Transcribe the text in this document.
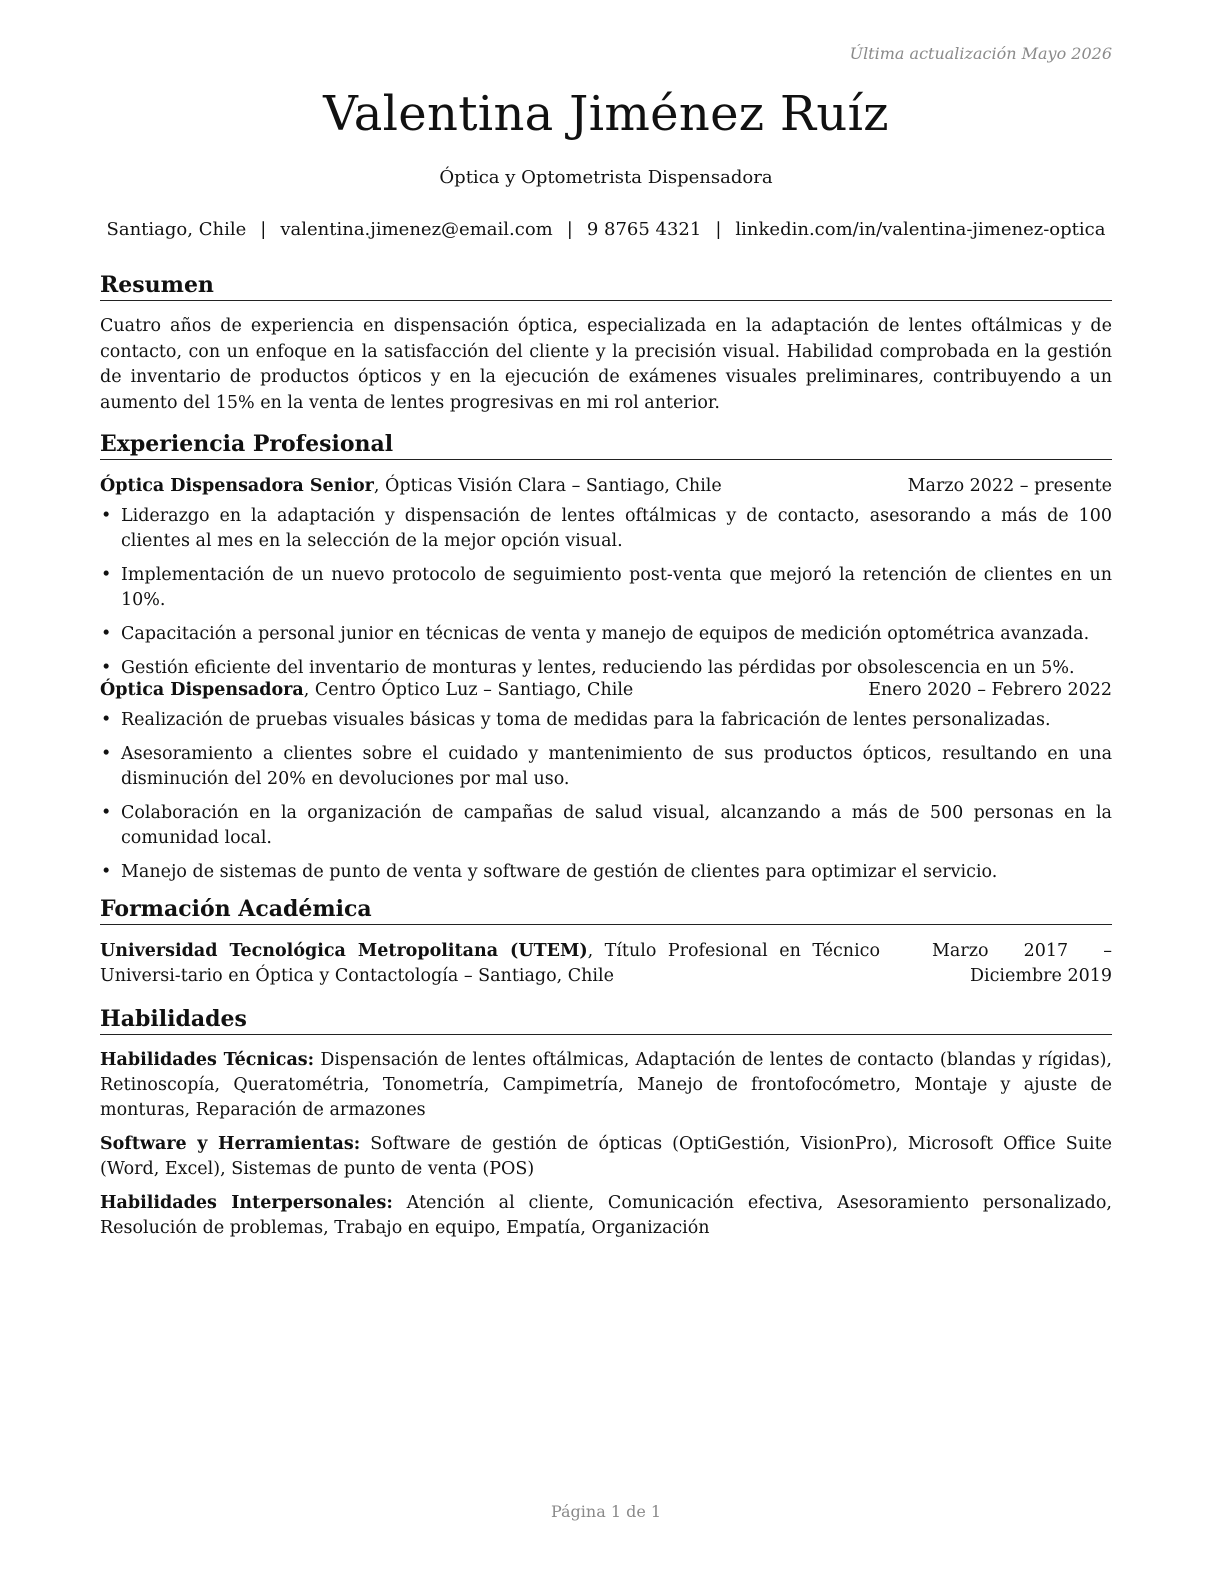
Última actualización Mayo 2026
Valentina Jiménez Ruíz
Óptica y Optometrista Dispensadora
Santiago, Chile | valentina.jimenez@email.com | 9 8765 4321 | linkedin.com/in/valentina-jimenez-optica
Resumen
Cuatro años de experiencia en dispensación óptica, especializada en la adaptación de lentes oftálmicas y de contacto, con un enfoque en la satisfacción del cliente y la precisión visual. Habilidad comprobada en la gestión de inventario de productos ópticos y en la ejecución de exámenes visuales preliminares, contribuyendo a un aumento del 15% en la venta de lentes progresivas en mi rol anterior.
Experiencia Profesional
Óptica Dispensadora Senior, Ópticas Visión Clara – Santiago, Chile	Marzo 2022 – presente
• Liderazgo en la adaptación y dispensación de lentes oftálmicas y de contacto, asesorando a más de 100 clientes al mes en la selección de la mejor opción visual.
• Implementación de un nuevo protocolo de seguimiento post-venta que mejoró la retención de clientes en un 10%.
• Capacitación a personal junior en técnicas de venta y manejo de equipos de medición optométrica avanzada.
• Gestión eficiente del inventario de monturas y lentes, reduciendo las pérdidas por obsolescencia en un 5%.
Óptica Dispensadora, Centro Óptico Luz – Santiago, Chile	Enero 2020 – Febrero 2022
• Realización de pruebas visuales básicas y toma de medidas para la fabricación de lentes personalizadas.
• Asesoramiento a clientes sobre el cuidado y mantenimiento de sus productos ópticos, resultando en una disminución del 20% en devoluciones por mal uso.
• Colaboración en la organización de campañas de salud visual, alcanzando a más de 500 personas en la comunidad local.
• Manejo de sistemas de punto de venta y software de gestión de clientes para optimizar el servicio.
Formación Académica
Universidad Tecnológica Metropolitana (UTEM), Título Profesional en Técnico Universi-tario en Óptica y Contactología – Santiago, Chile
Marzo 2017 – Diciembre 2019
Habilidades
Habilidades Técnicas: Dispensación de lentes oftálmicas, Adaptación de lentes de contacto (blandas y rígidas), Retinoscopía, Queratométria, Tonometría, Campimetría, Manejo de frontofocómetro, Montaje y ajuste de monturas, Reparación de armazones
Software y Herramientas: Software de gestión de ópticas (OptiGestión, VisionPro), Microsoft Office Suite (Word, Excel), Sistemas de punto de venta (POS)
Habilidades Interpersonales: Atención al cliente, Comunicación efectiva, Asesoramiento personalizado, Resolución de problemas, Trabajo en equipo, Empatía, Organización
Página 1 de 1
